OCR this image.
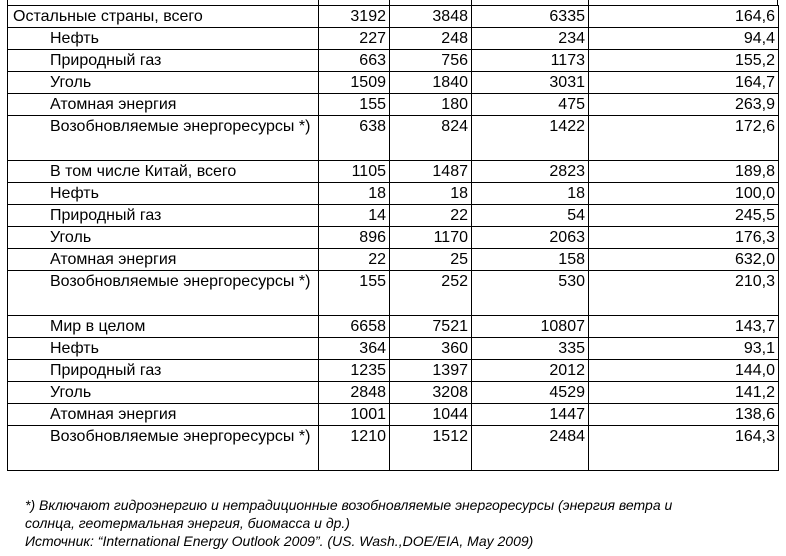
Остальные страны, всего	3192	3848	6335	164,6
Нефть	227	248	234	94,4
Природный газ	663	756	1173	155,2
Уголь	1509	1840	3031	164,7
Атомная энергия	155	180	475	263,9
Возобновляемые энергоресурсы *)	638	824	1422	172,6
В том числе Китай, всего	1105	1487	2823	189,8
Нефть	18	18	18	100,0
Природный газ	14	22	54	245,5
Уголь	896	1170	2063	176,3
Атомная энергия	22	25	158	632,0
Возобновляемые энергоресурсы *)	155	252	530	210,3
Мир в целом	6658	7521	10807	143,7
Нефть	364	360	335	93,1
Природный газ	1235	1397	2012	144,0
Уголь	2848	3208	4529	141,2
Атомная энергия	1001	1044	1447	138,6
Возобновляемые энергоресурсы *)	1210	1512	2484	164,3
*) Включают гидроэнергию и нетрадиционные возобновляемые энергоресурсы (энергия ветра и
солнца, геотермальная энергия, биомасса и др.)
Источник: “International Energy Outlook 2009”. (US. Wash.,DOE/EIA, May 2009)
